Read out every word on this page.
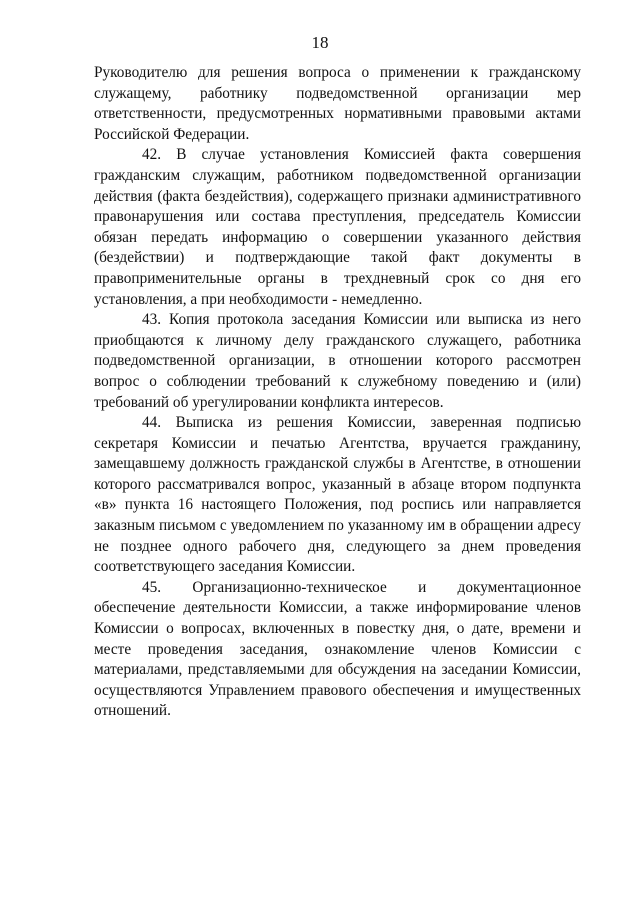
18

Руководителю для решения вопроса о применении к гражданскому служащему, работнику подведомственной организации мер ответственности, предусмотренных нормативными правовыми актами Российской Федерации.

42. В случае установления Комиссией факта совершения гражданским служащим, работником подведомственной организации действия (факта бездействия), содержащего признаки административного правонарушения или состава преступления, председатель Комиссии обязан передать информацию о совершении указанного действия (бездействии) и подтверждающие такой факт документы в правоприменительные органы в трехдневный срок со дня его установления, а при необходимости - немедленно.

43. Копия протокола заседания Комиссии или выписка из него приобщаются к личному делу гражданского служащего, работника подведомственной организации, в отношении которого рассмотрен вопрос о соблюдении требований к служебному поведению и (или) требований об урегулировании конфликта интересов.

44. Выписка из решения Комиссии, заверенная подписью секретаря Комиссии и печатью Агентства, вручается гражданину, замещавшему должность гражданской службы в Агентстве, в отношении которого рассматривался вопрос, указанный в абзаце втором подпункта «в» пункта 16 настоящего Положения, под роспись или направляется заказным письмом с уведомлением по указанному им в обращении адресу не позднее одного рабочего дня, следующего за днем проведения соответствующего заседания Комиссии.

45. Организационно-техническое и документационное обеспечение деятельности Комиссии, а также информирование членов Комиссии о вопросах, включенных в повестку дня, о дате, времени и месте проведения заседания, ознакомление членов Комиссии с материалами, представляемыми для обсуждения на заседании Комиссии, осуществляются Управлением правового обеспечения и имущественных отношений.
